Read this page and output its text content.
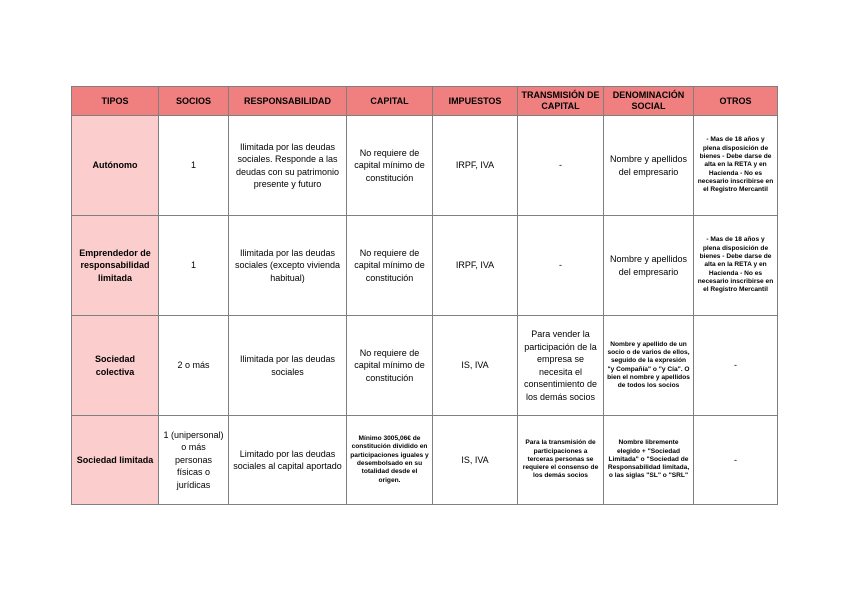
TIPOS	SOCIOS	RESPONSABILIDAD	CAPITAL	IMPUESTOS	TRANSMISIÓN DE CAPITAL	DENOMINACIÓN SOCIAL	OTROS
Autónomo	1	Ilimitada por las deudas sociales. Responde a las deudas con su patrimonio presente y futuro	No requiere de capital mínimo de constitución	IRPF, IVA	-	Nombre y apellidos del empresario	- Mas de 18 años y plena disposición de bienes - Debe darse de alta en la RETA y en Hacienda - No es necesario inscribirse en el Registro Mercantil
Emprendedor de responsabilidad limitada	1	Ilimitada por las deudas sociales (excepto vivienda habitual)	No requiere de capital mínimo de constitución	IRPF, IVA	-	Nombre y apellidos del empresario	- Mas de 18 años y plena disposición de bienes - Debe darse de alta en la RETA y en Hacienda - No es necesario inscribirse en el Registro Mercantil
Sociedad colectiva	2 o más	Ilimitada por las deudas sociales	No requiere de capital mínimo de constitución	IS, IVA	Para vender la participación de la empresa se necesita el consentimiento de los demás socios	Nombre y apellido de un socio o de varios de ellos, seguido de la expresión "y Compañía" o "y Cía". O bien el nombre y apellidos de todos los socios	-
Sociedad limitada	1 (unipersonal) o más personas físicas o jurídicas	Limitado por las deudas sociales al capital aportado	Mínimo 3005,06€ de constitución dividido en participaciones iguales y desembolsado en su totalidad desde el origen.	IS, IVA	Para la transmisión de participaciones a terceras personas se requiere el consenso de los demás socios	Nombre libremente elegido + "Sociedad Limitada" o "Sociedad de Responsabilidad limitada, o las siglas "SL" o "SRL"	-
